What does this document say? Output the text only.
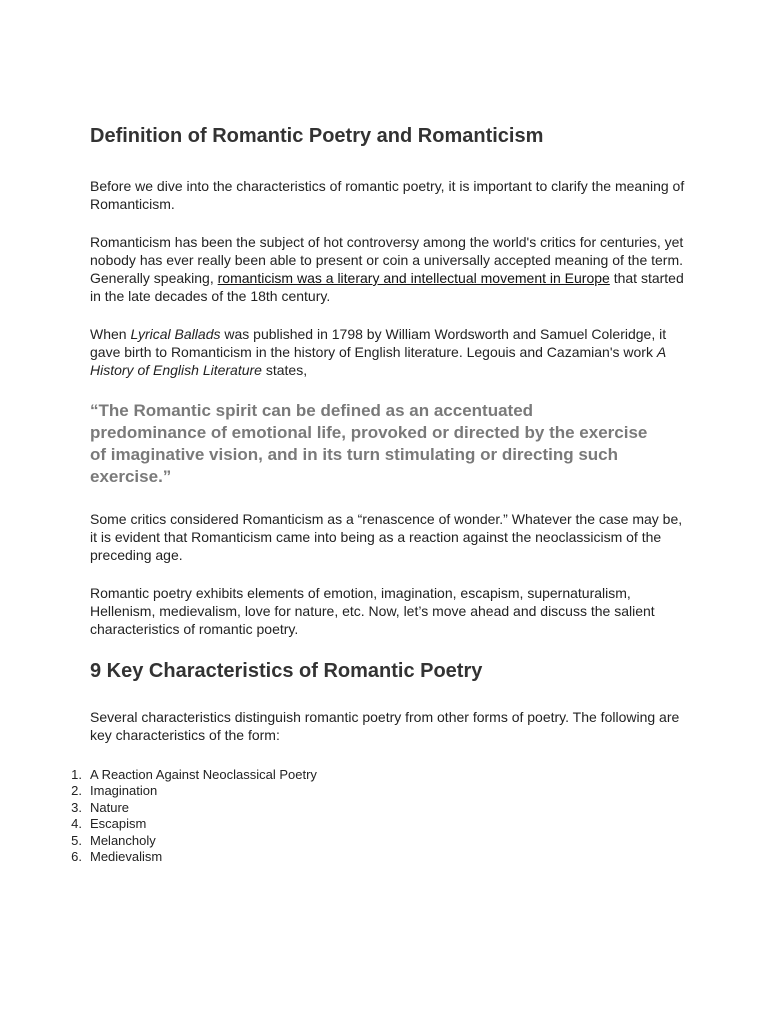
Definition of Romantic Poetry and Romanticism

Before we dive into the characteristics of romantic poetry, it is important to clarify the meaning of Romanticism.

Romanticism has been the subject of hot controversy among the world's critics for centuries, yet nobody has ever really been able to present or coin a universally accepted meaning of the term. Generally speaking, romanticism was a literary and intellectual movement in Europe that started in the late decades of the 18th century.

When Lyrical Ballads was published in 1798 by William Wordsworth and Samuel Coleridge, it gave birth to Romanticism in the history of English literature. Legouis and Cazamian's work A History of English Literature states,

“The Romantic spirit can be defined as an accentuated predominance of emotional life, provoked or directed by the exercise of imaginative vision, and in its turn stimulating or directing such exercise.”

Some critics considered Romanticism as a “renascence of wonder.” Whatever the case may be, it is evident that Romanticism came into being as a reaction against the neoclassicism of the preceding age.

Romantic poetry exhibits elements of emotion, imagination, escapism, supernaturalism, Hellenism, medievalism, love for nature, etc. Now, let’s move ahead and discuss the salient characteristics of romantic poetry.

9 Key Characteristics of Romantic Poetry

Several characteristics distinguish romantic poetry from other forms of poetry. The following are key characteristics of the form:

1. A Reaction Against Neoclassical Poetry
2. Imagination
3. Nature
4. Escapism
5. Melancholy
6. Medievalism
